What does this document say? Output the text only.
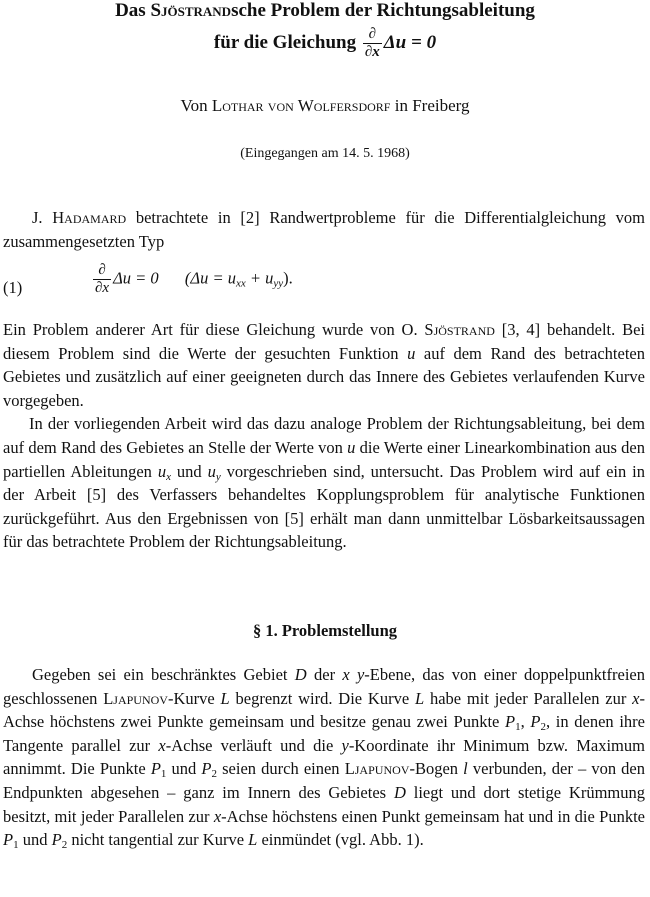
Das Sjöstrandsche Problem der Richtungsableitung
für die Gleichung $\frac{\partial}{\partial x}$ Δu = 0
Von Lothar von Wolfersdorf in Freiberg
(Eingegangen am 14. 5. 1968)
J. Hadamard betrachtete in [2] Randwertprobleme für die Differentialgleichung vom zusammengesetzten Typ
(1)	$\frac{\partial}{\partial x}$ Δu = 0 $(\Delta u = u_{xx} + u_{yy})$.
Ein Problem anderer Art für diese Gleichung wurde von O. Sjöstrand [3, 4] behandelt. Bei diesem Problem sind die Werte der gesuchten Funktion u auf dem Rand des betrachteten Gebietes und zusätzlich auf einer geeigneten durch das Innere des Gebietes verlaufenden Kurve vorgegeben.
In der vorliegenden Arbeit wird das dazu analoge Problem der Richtungsableitung, bei dem auf dem Rand des Gebietes an Stelle der Werte von u die Werte einer Linearkombination aus den partiellen Ableitungen $u_x$ und $u_y$ vorgeschrieben sind, untersucht. Das Problem wird auf ein in der Arbeit [5] des Verfassers behandeltes Kopplungsproblem für analytische Funktionen zurückgeführt. Aus den Ergebnissen von [5] erhält man dann unmittelbar Lösbarkeitsaussagen für das betrachtete Problem der Richtungsableitung.
§ 1. Problemstellung
Gegeben sei ein beschränktes Gebiet D der x y-Ebene, das von einer doppelpunktfreien geschlossenen Ljapunov-Kurve L begrenzt wird. Die Kurve L habe mit jeder Parallelen zur x-Achse höchstens zwei Punkte gemeinsam und besitze genau zwei Punkte $P_1$, $P_2$, in denen ihre Tangente parallel zur x-Achse verläuft und die y-Koordinate ihr Minimum bzw. Maximum annimmt. Die Punkte $P_1$ und $P_2$ seien durch einen Ljapunov-Bogen l verbunden, der – von den Endpunkten abgesehen – ganz im Innern des Gebietes D liegt und dort stetige Krümmung besitzt, mit jeder Parallelen zur x-Achse höchstens einen Punkt gemeinsam hat und in die Punkte $P_1$ und $P_2$ nicht tangential zur Kurve L einmündet (vgl. Abb. 1).
